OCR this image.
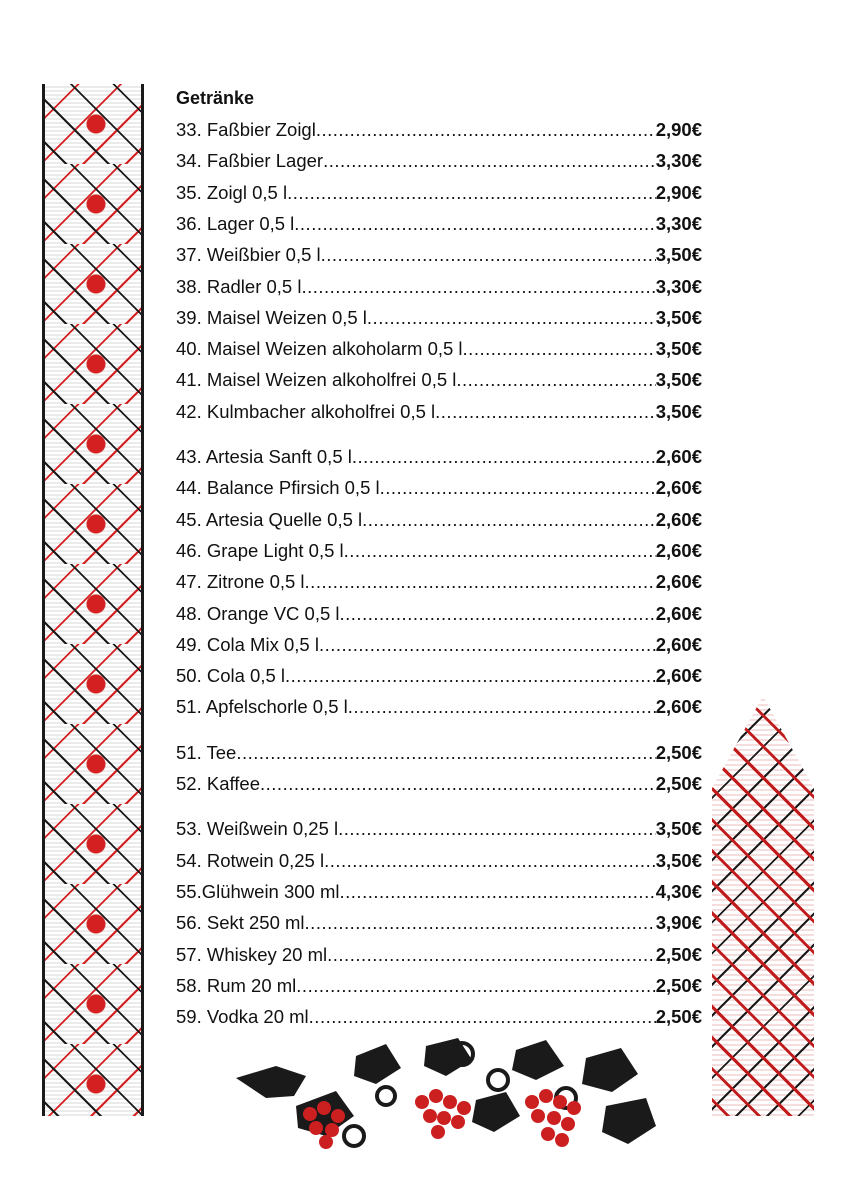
Getränke
33. Faßbier Zoigl .....	2,90€
34. Faßbier Lager .....	3,30€
35. Zoigl 0,5 l .....	2,90€
36. Lager 0,5 l .....	3,30€
37. Weißbier 0,5 l .....	3,50€
38. Radler 0,5 l .....	3,30€
39. Maisel Weizen 0,5 l .....	3,50€
40. Maisel Weizen alkoholarm 0,5 l .....	3,50€
41. Maisel Weizen alkoholfrei 0,5 l .....	3,50€
42. Kulmbacher alkoholfrei 0,5 l .....	3,50€
43. Artesia Sanft 0,5 l .....	2,60€
44. Balance Pfirsich 0,5 l .....	2,60€
45. Artesia Quelle 0,5 l .....	2,60€
46. Grape Light 0,5 l .....	2,60€
47. Zitrone 0,5 l .....	2,60€
48. Orange VC 0,5 l .....	2,60€
49. Cola Mix 0,5 l .....	2,60€
50. Cola 0,5 l .....	2,60€
51. Apfelschorle 0,5 l .....	2,60€
51. Tee .....	2,50€
52. Kaffee .....	2,50€
53. Weißwein 0,25 l .....	3,50€
54. Rotwein 0,25 l .....	3,50€
55.Glühwein 300 ml .....	4,30€
56. Sekt 250 ml .....	3,90€
57. Whiskey 20 ml .....	2,50€
58. Rum 20 ml .....	2,50€
59. Vodka 20 ml .....	2,50€
